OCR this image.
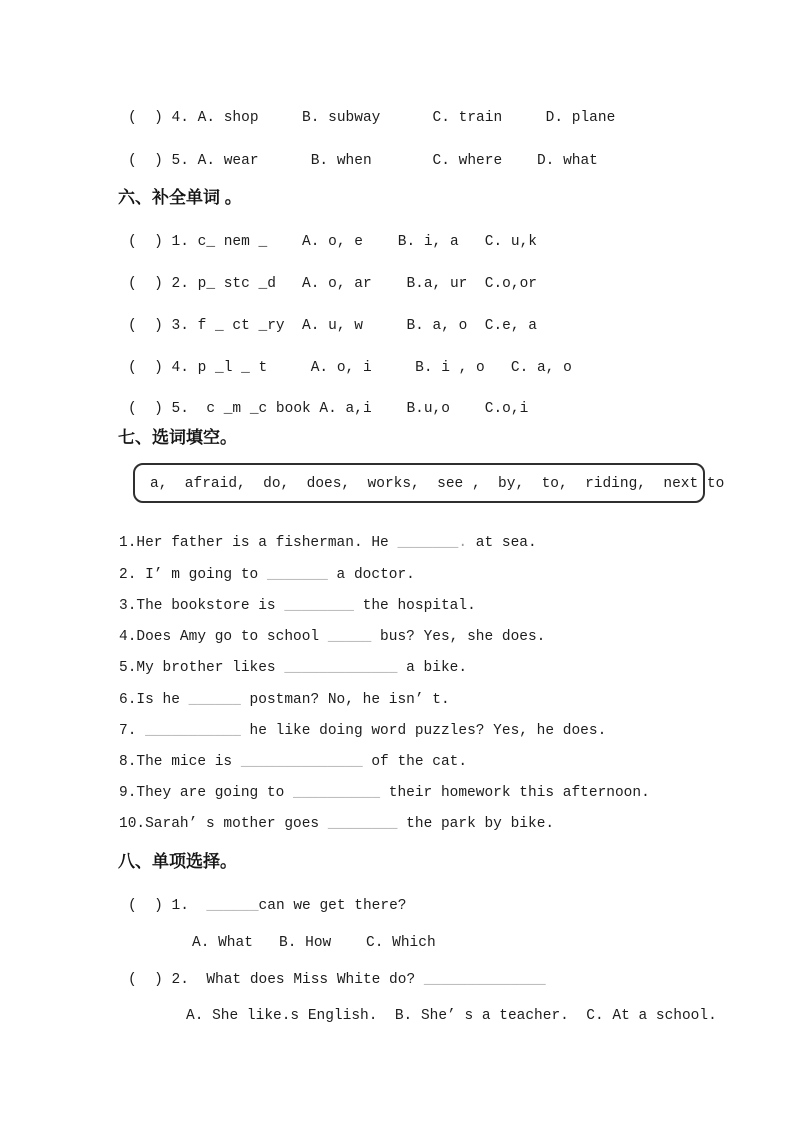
(  ) 4. A. shop     B. subway      C. train     D. plane
(  ) 5. A. wear      B. when       C. where    D. what
六、补全单词 。
(  ) 1. c_ nem _    A. o, e    B. i, a   C. u,k
(  ) 2. p_ stc _d   A. o, ar    B.a, ur  C.o,or
(  ) 3. f _ ct _ry  A. u, w     B. a, o  C.e, a
(  ) 4. p _l _ t     A. o, i     B. i , o   C. a, o
(  ) 5.  c _m _c book A. a,i    B.u,o    C.o,i
七、选词填空。
a,  afraid,  do,  does,  works,  see ,  by,  to,  riding,  next to
1.Her father is a fisherman. He _______. at sea.
2. I’ m going to _______ a doctor.
3.The bookstore is ________ the hospital.
4.Does Amy go to school _____ bus? Yes, she does.
5.My brother likes _____________ a bike.
6.Is he ______ postman? No, he isn’ t.
7. ___________ he like doing word puzzles? Yes, he does.
8.The mice is ______________ of the cat.
9.They are going to __________ their homework this afternoon.
10.Sarah’ s mother goes ________ the park by bike.
八、单项选择。
(  ) 1.  ______can we get there?
A. What   B. How    C. Which
(  ) 2.  What does Miss White do? ______________
A. She like.s English.  B. She’ s a teacher.  C. At a school.
